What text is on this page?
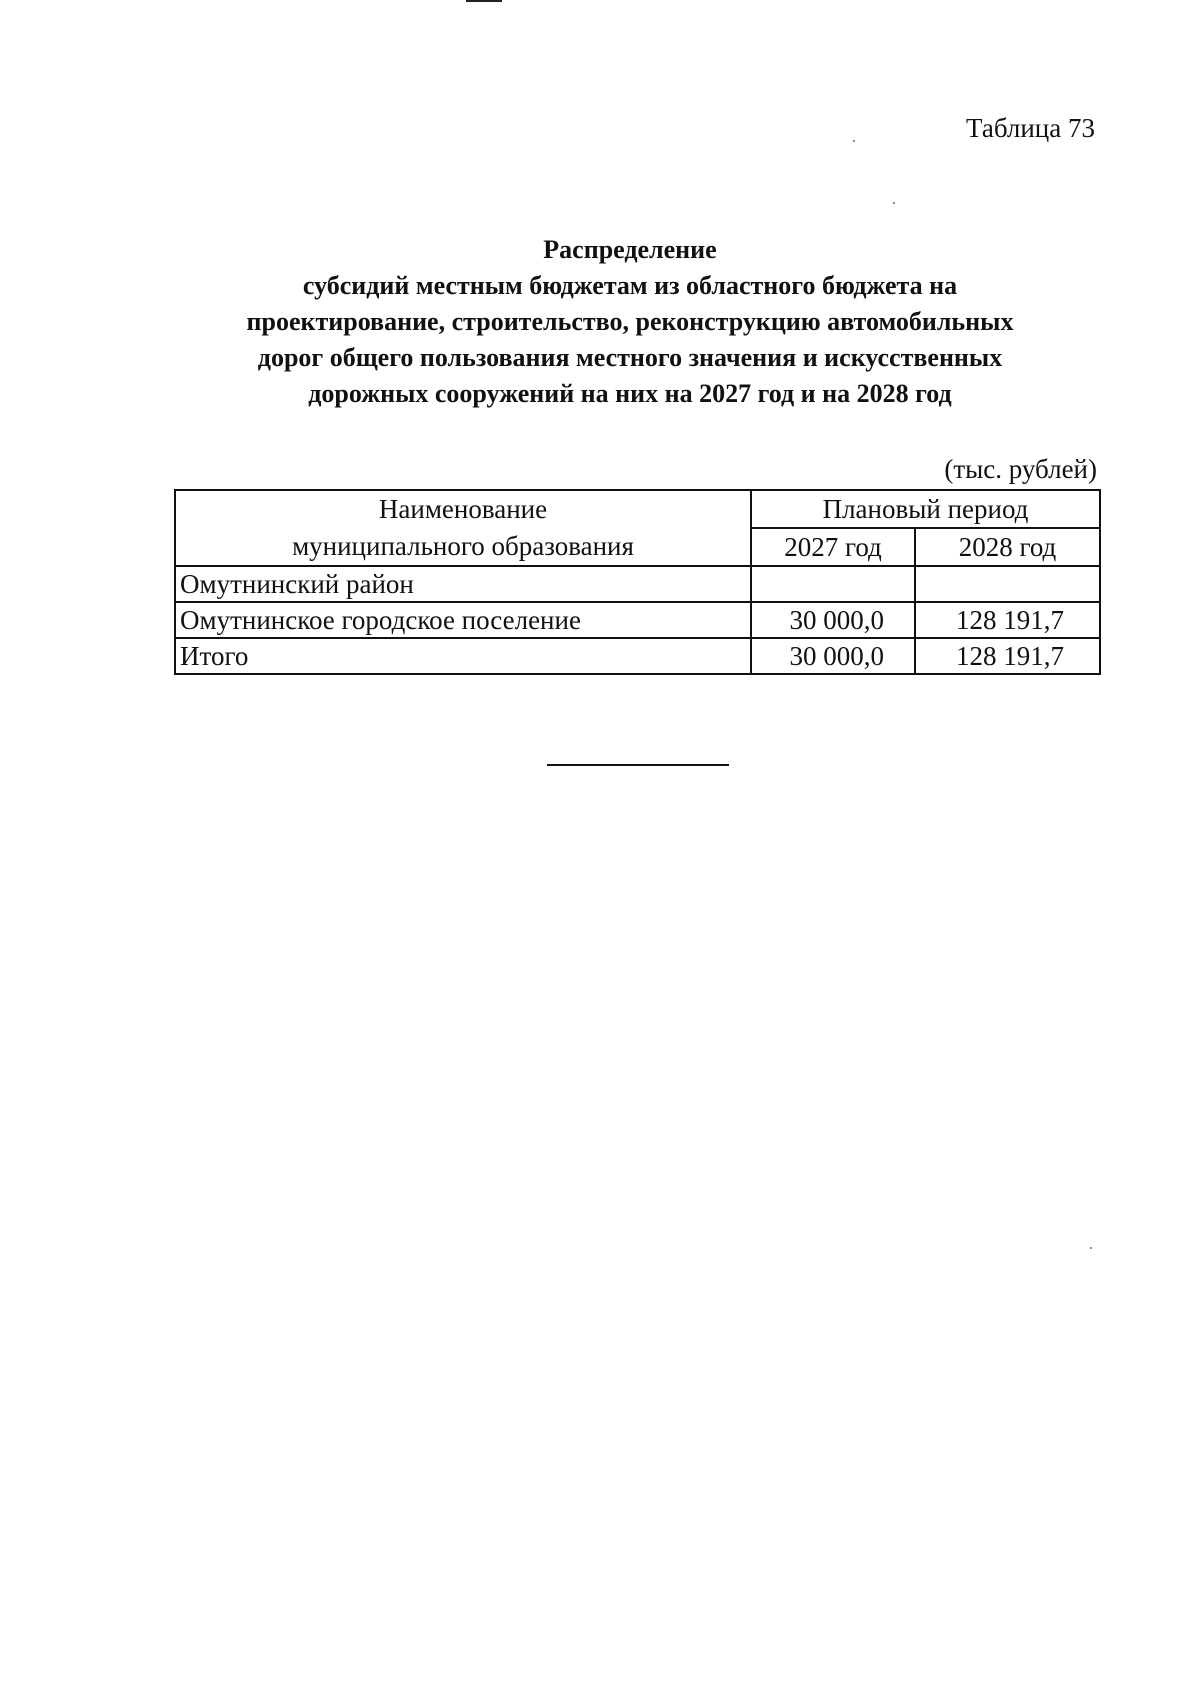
Таблица 73
Распределение
субсидий местным бюджетам из областного бюджета на
проектирование, строительство, реконструкцию автомобильных
дорог общего пользования местного значения и искусственных
дорожных сооружений на них на 2027 год и на 2028 год
(тыс. рублей)
Наименование
муниципального образования	Плановый период	
	2027 год	2028 год
Омутнинский район		
Омутнинское городское поселение	30 000,0	128 191,7
Итого	30 000,0	128 191,7
